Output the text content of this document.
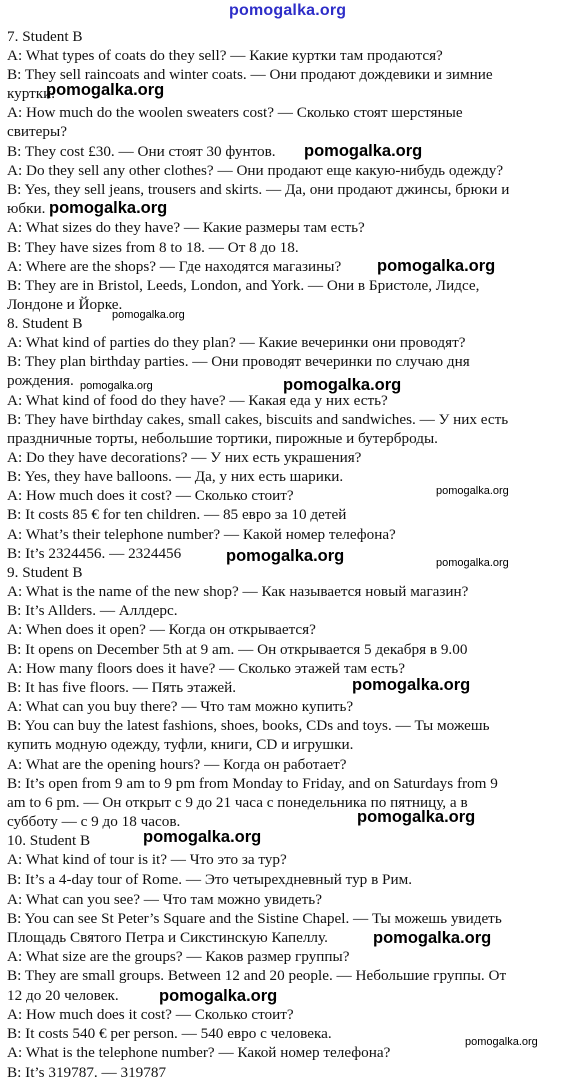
pomogalka.org
7. Student B
A: What types of coats do they sell? — Какие куртки там продаются?
B: They sell raincoats and winter coats. — Они продают дождевики и зимние
куртки.
A: How much do the woolen sweaters cost? — Сколько стоят шерстяные
свитеры?
B: They cost £30. — Они стоят 30 фунтов.
A: Do they sell any other clothes? — Они продают еще какую-нибудь одежду?
B: Yes, they sell jeans, trousers and skirts. — Да, они продают джинсы, брюки и
юбки.
A: What sizes do they have? — Какие размеры там есть?
B: They have sizes from 8 to 18. — От 8 до 18.
A: Where are the shops? — Где находятся магазины?
B: They are in Bristol, Leeds, London, and York. — Они в Бристоле, Лидсе,
Лондоне и Йорке.
8. Student B
A: What kind of parties do they plan? — Какие вечеринки они проводят?
B: They plan birthday parties. — Они проводят вечеринки по случаю дня
рождения.
A: What kind of food do they have? — Какая еда у них есть?
B: They have birthday cakes, small cakes, biscuits and sandwiches. — У них есть
праздничные торты, небольшие тортики, пирожные и бутерброды.
A: Do they have decorations? — У них есть украшения?
B: Yes, they have balloons. — Да, у них есть шарики.
A: How much does it cost? — Сколько стоит?
B: It costs 85 € for ten children. — 85 евро за 10 детей
A: What’s their telephone number? — Какой номер телефона?
B: It’s 2324456. — 2324456
9. Student B
A: What is the name of the new shop? — Как называется новый магазин?
B: It’s Allders. — Аллдерс.
A: When does it open? — Когда он открывается?
B: It opens on December 5th at 9 am. — Он открывается 5 декабря в 9.00
A: How many floors does it have? — Сколько этажей там есть?
B: It has five floors. — Пять этажей.
A: What can you buy there? — Что там можно купить?
B: You can buy the latest fashions, shoes, books, CDs and toys. — Ты можешь
купить модную одежду, туфли, книги, CD и игрушки.
A: What are the opening hours? — Когда он работает?
B: It’s open from 9 am to 9 pm from Monday to Friday, and on Saturdays from 9
am to 6 pm. — Он открыт с 9 до 21 часа с понедельника по пятницу, а в
субботу — с 9 до 18 часов.
10. Student B
A: What kind of tour is it? — Что это за тур?
B: It’s a 4-day tour of Rome. — Это четырехдневный тур в Рим.
A: What can you see? — Что там можно увидеть?
B: You can see St Peter’s Square and the Sistine Chapel. — Ты можешь увидеть
Площадь Святого Петра и Сикстинскую Капеллу.
A: What size are the groups? — Каков размер группы?
B: They are small groups. Between 12 and 20 people. — Небольшие группы. От
12 до 20 человек.
A: How much does it cost? — Сколько стоит?
B: It costs 540 € per person. — 540 евро с человека.
A: What is the telephone number? — Какой номер телефона?
B: It’s 319787. — 319787
pomogalka.org
pomogalka.org
pomogalka.org
pomogalka.org
pomogalka.org
pomogalka.org	pomogalka.org
pomogalka.org
pomogalka.org	pomogalka.org
pomogalka.org
pomogalka.org
pomogalka.org
pomogalka.org
pomogalka.org
pomogalka.org
